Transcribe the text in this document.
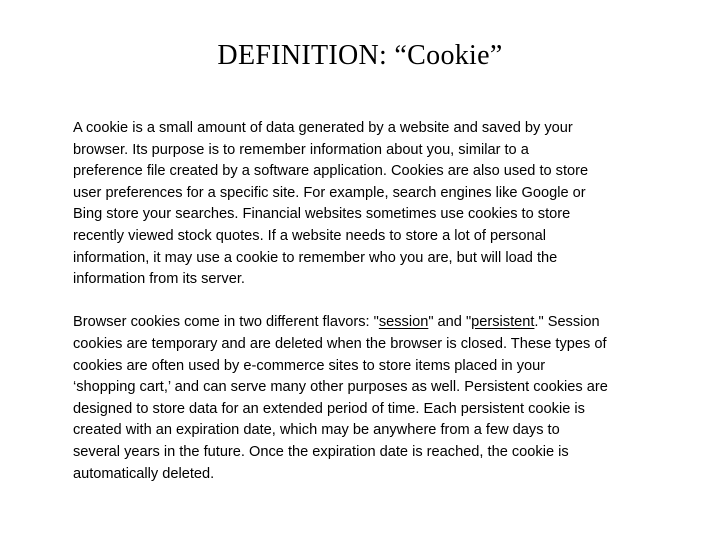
DEFINITION: “Cookie”

A cookie is a small amount of data generated by a website and saved by your
browser. Its purpose is to remember information about you, similar to a
preference file created by a software application. Cookies are also used to store
user preferences for a specific site. For example, search engines like Google or
Bing store your searches. Financial websites sometimes use cookies to store
recently viewed stock quotes. If a website needs to store a lot of personal
information, it may use a cookie to remember who you are, but will load the
information from its server.

Browser cookies come in two different flavors: "session" and "persistent." Session
cookies are temporary and are deleted when the browser is closed. These types of
cookies are often used by e-commerce sites to store items placed in your
‘shopping cart,’ and can serve many other purposes as well. Persistent cookies are
designed to store data for an extended period of time. Each persistent cookie is
created with an expiration date, which may be anywhere from a few days to
several years in the future. Once the expiration date is reached, the cookie is
automatically deleted.
